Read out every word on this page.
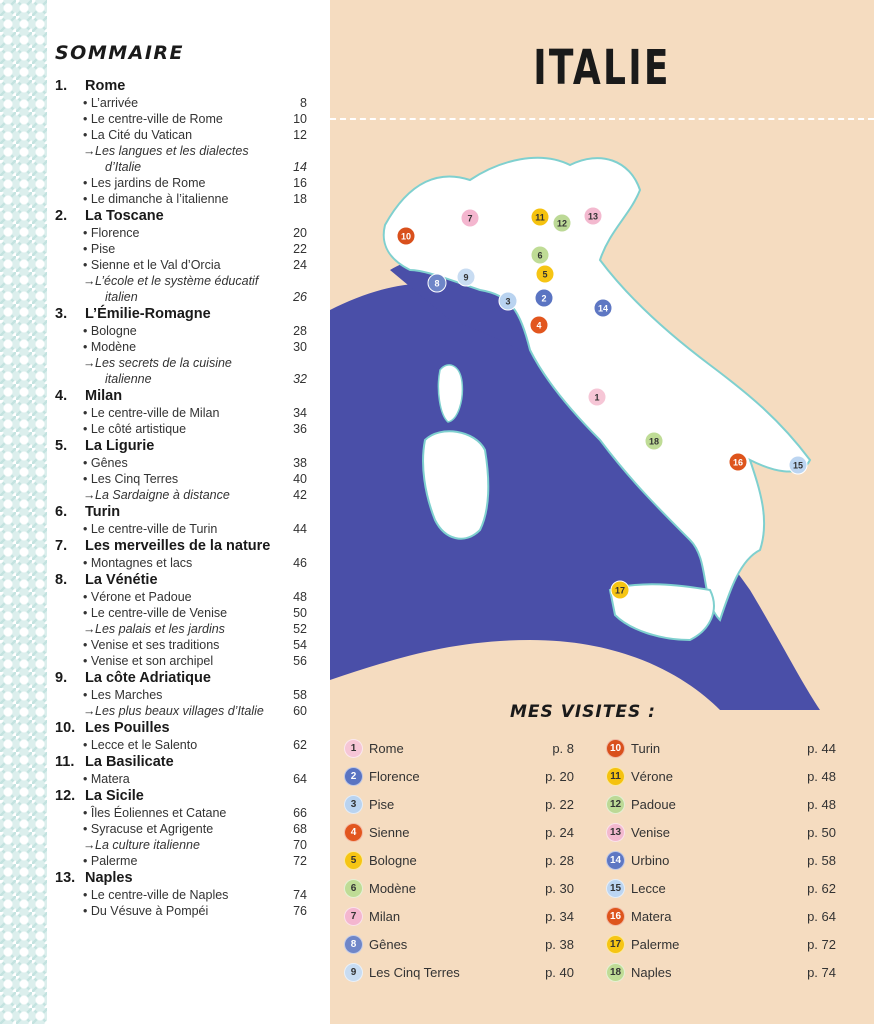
SOMMAIRE
1.	Rome
• L’arrivée	8
• Le centre-ville de Rome	10
• La Cité du Vatican	12
→ Les langues et les dialectes
d’Italie	14
• Les jardins de Rome	16
• Le dimanche à l’italienne	18
2.	La Toscane
• Florence	20
• Pise	22
• Sienne et le Val d’Orcia	24
→ L’école et le système éducatif
italien	26
3.	L’Émilie-Romagne
• Bologne	28
• Modène	30
→ Les secrets de la cuisine
italienne	32
4.	Milan
• Le centre-ville de Milan	34
• Le côté artistique	36
5.	La Ligurie
• Gênes	38
• Les Cinq Terres	40
→ La Sardaigne à distance	42
6.	Turin
• Le centre-ville de Turin	44
7.	Les merveilles de la nature
• Montagnes et lacs	46
8.	La Vénétie
• Vérone et Padoue	48
• Le centre-ville de Venise	50
→ Les palais et les jardins	52
• Venise et ses traditions	54
• Venise et son archipel	56
9.	La côte Adriatique
• Les Marches	58
→ Les plus beaux villages d’Italie	60
10. Les Pouilles
• Lecce et le Salento	62
11. La Basilicate
• Matera	64
12. La Sicile
• Îles Éoliennes et Catane	66
• Syracuse et Agrigente	68
→ La culture italienne	70
• Palerme	72
13. Naples
• Le centre-ville de Naples	74
• Du Vésuve à Pompéi	76
ITALIE
1
2
3
4
5
6
7
8
9
10
11
12
13
14
15
16
17
18
MES VISITES :
1 Rome	p. 8
2 Florence	p. 20
3 Pise	p. 22
4 Sienne	p. 24
5 Bologne	p. 28
6 Modène	p. 30
7 Milan	p. 34
8 Gênes	p. 38
9 Les Cinq Terres	p. 40
10 Turin	p. 44
11 Vérone	p. 48
12 Padoue	p. 48
13 Venise	p. 50
14 Urbino	p. 58
15 Lecce	p. 62
16 Matera	p. 64
17 Palerme	p. 72
18 Naples	p. 74
